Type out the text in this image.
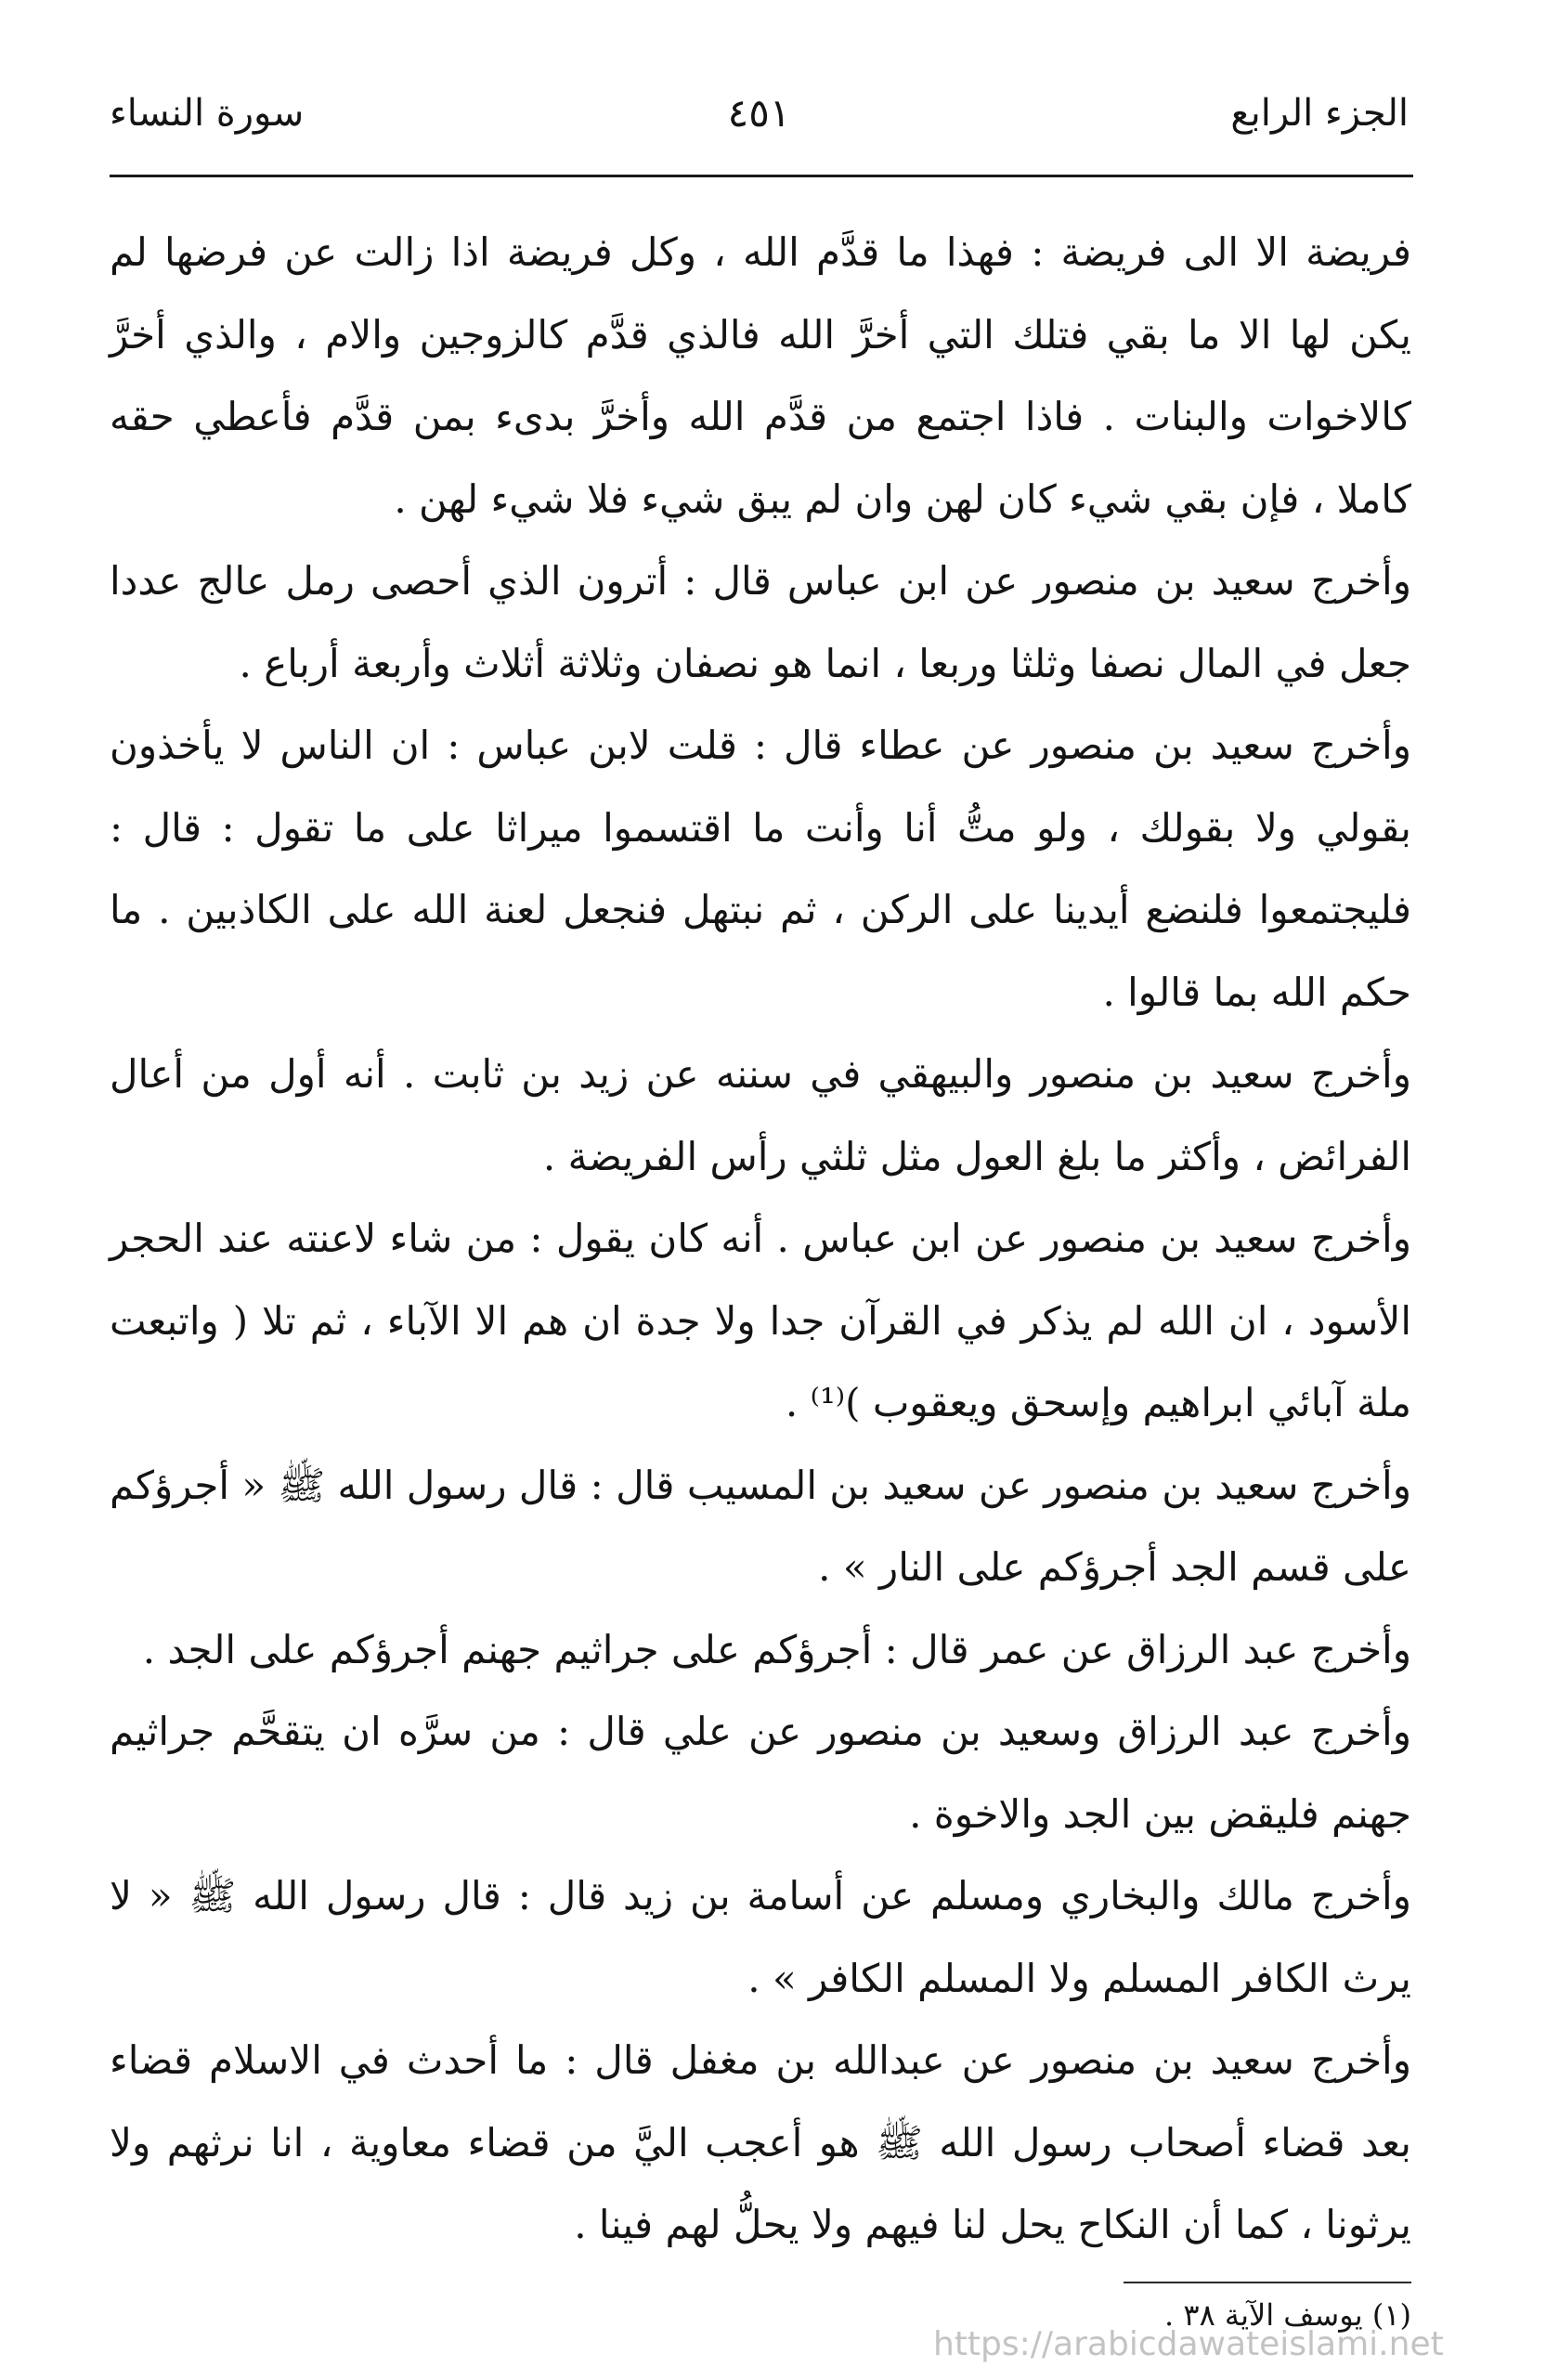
الجزء الرابع
٤٥١
سورة النساء

فريضة الا الى فريضة : فهذا ما قدَّم الله ، وكل فريضة اذا زالت عن فرضها لم يكن لها الا ما بقي فتلك التي أخرَّ الله فالذي قدَّم كالزوجين والام ، والذي أخرَّ كالاخوات والبنات . فاذا اجتمع من قدَّم الله وأخرَّ بدىء بمن قدَّم فأعطي حقه كاملا ، فإن بقي شيء كان لهن وان لم يبق شيء فلا شيء لهن .

وأخرج سعيد بن منصور عن ابن عباس قال : أترون الذي أحصى رمل عالج عددا جعل في المال نصفا وثلثا وربعا ، انما هو نصفان وثلاثة أثلاث وأربعة أرباع .

وأخرج سعيد بن منصور عن عطاء قال : قلت لابن عباس : ان الناس لا يأخذون بقولي ولا بقولك ، ولو متُّ أنا وأنت ما اقتسموا ميراثا على ما تقول : قال : فليجتمعوا فلنضع أيدينا على الركن ، ثم نبتهل فنجعل لعنة الله على الكاذبين . ما حكم الله بما قالوا .

وأخرج سعيد بن منصور والبيهقي في سننه عن زيد بن ثابت . أنه أول من أعال الفرائض ، وأكثر ما بلغ العول مثل ثلثي رأس الفريضة .

وأخرج سعيد بن منصور عن ابن عباس . أنه كان يقول : من شاء لاعنته عند الحجر الأسود ، ان الله لم يذكر في القرآن جدا ولا جدة ان هم الا الآباء ، ثم تلا ( واتبعت ملة آبائي ابراهيم وإسحق ويعقوب )⁽¹⁾ .

وأخرج سعيد بن منصور عن سعيد بن المسيب قال : قال رسول الله ﷺ « أجرؤكم على قسم الجد أجرؤكم على النار » .

وأخرج عبد الرزاق عن عمر قال : أجرؤكم على جراثيم جهنم أجرؤكم على الجد .

وأخرج عبد الرزاق وسعيد بن منصور عن علي قال : من سرَّه ان يتقحَّم جراثيم جهنم فليقض بين الجد والاخوة .

وأخرج مالك والبخاري ومسلم عن أسامة بن زيد قال : قال رسول الله ﷺ « لا يرث الكافر المسلم ولا المسلم الكافر » .

وأخرج سعيد بن منصور عن عبدالله بن مغفل قال : ما أحدث في الاسلام قضاء بعد قضاء أصحاب رسول الله ﷺ هو أعجب اليَّ من قضاء معاوية ، انا نرثهم ولا يرثونا ، كما أن النكاح يحل لنا فيهم ولا يحلُّ لهم فينا .

(١) يوسف الآية ٣٨ .
https://arabicdawateislami.net
